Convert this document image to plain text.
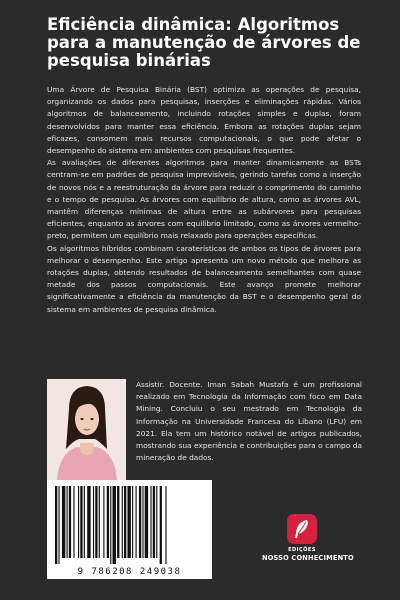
Eficiência dinâmica: Algoritmos para a manutenção de árvores de pesquisa binárias

Uma Árvore de Pesquisa Binária (BST) optimiza as operações de pesquisa, organizando os dados para pesquisas, inserções e eliminações rápidas. Vários algoritmos de balanceamento, incluindo rotações simples e duplas, foram desenvolvidos para manter essa eficiência. Embora as rotações duplas sejam eficazes, consomem mais recursos computacionais, o que pode afetar o desempenho do sistema em ambientes com pesquisas frequentes.

As avaliações de diferentes algoritmos para manter dinamicamente as BSTs centram-se em padrões de pesquisa imprevisíveis, gerindo tarefas como a inserção de novos nós e a reestruturação da árvore para reduzir o comprimento do caminho e o tempo de pesquisa. As árvores com equilíbrio de altura, como as árvores AVL, mantêm diferenças mínimas de altura entre as subárvores para pesquisas eficientes, enquanto as árvores com equilíbrio limitado, como as árvores vermelho-preto, permitem um equilíbrio mais relaxado para operações específicas.

Os algoritmos híbridos combinam caraterísticas de ambos os tipos de árvores para melhorar o desempenho. Este artigo apresenta um novo método que melhora as rotações duplas, obtendo resultados de balanceamento semelhantes com quase metade dos passos computacionais. Este avanço promete melhorar significativamente a eficiência da manutenção da BST e o desempenho geral do sistema em ambientes de pesquisa dinâmica.

Assistir. Docente. Iman Sabah Mustafa é um profissional realizado em Tecnologia da Informação com foco em Data Mining. Concluiu o seu mestrado em Tecnologia da Informação na Universidade Francesa do Líbano (LFU) em 2021. Ela tem um histórico notável de artigos publicados, mostrando sua experiência e contribuições para o campo da mineração de dados.
9 786208 249038
EDIÇÕES
NOSSO CONHECIMENTO
